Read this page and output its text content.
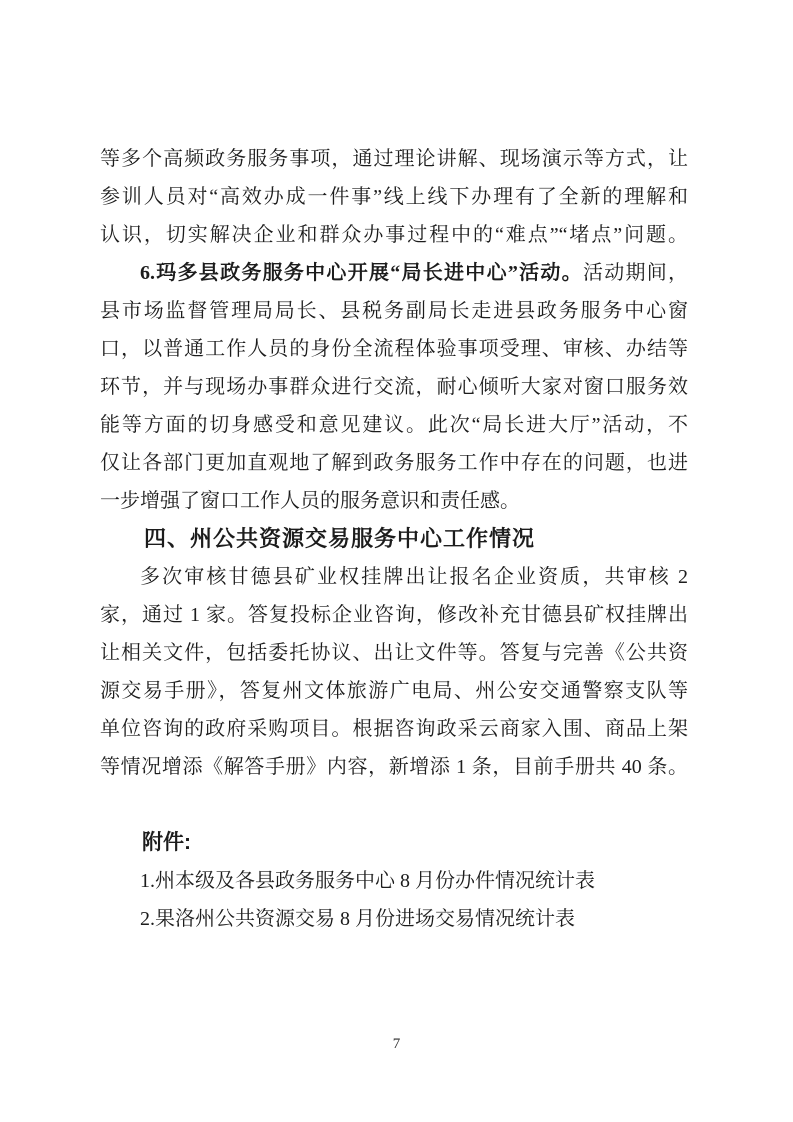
等多个高频政务服务事项，通过理论讲解、现场演示等方式，让
参训人员对“高效办成一件事”线上线下办理有了全新的理解和
认识，切实解决企业和群众办事过程中的“难点”“堵点”问题。
6.玛多县政务服务中心开展“局长进中心”活动。活动期间，
县市场监督管理局局长、县税务副局长走进县政务服务中心窗
口，以普通工作人员的身份全流程体验事项受理、审核、办结等
环节，并与现场办事群众进行交流，耐心倾听大家对窗口服务效
能等方面的切身感受和意见建议。此次“局长进大厅”活动，不
仅让各部门更加直观地了解到政务服务工作中存在的问题，也进
一步增强了窗口工作人员的服务意识和责任感。
四、州公共资源交易服务中心工作情况
多次审核甘德县矿业权挂牌出让报名企业资质，共审核 2
家，通过 1 家。答复投标企业咨询，修改补充甘德县矿权挂牌出
让相关文件，包括委托协议、出让文件等。答复与完善《公共资
源交易手册》，答复州文体旅游广电局、州公安交通警察支队等
单位咨询的政府采购项目。根据咨询政采云商家入围、商品上架
等情况增添《解答手册》内容，新增添 1 条，目前手册共 40 条。
附件:
1.州本级及各县政务服务中心 8 月份办件情况统计表
2.果洛州公共资源交易 8 月份进场交易情况统计表
7
